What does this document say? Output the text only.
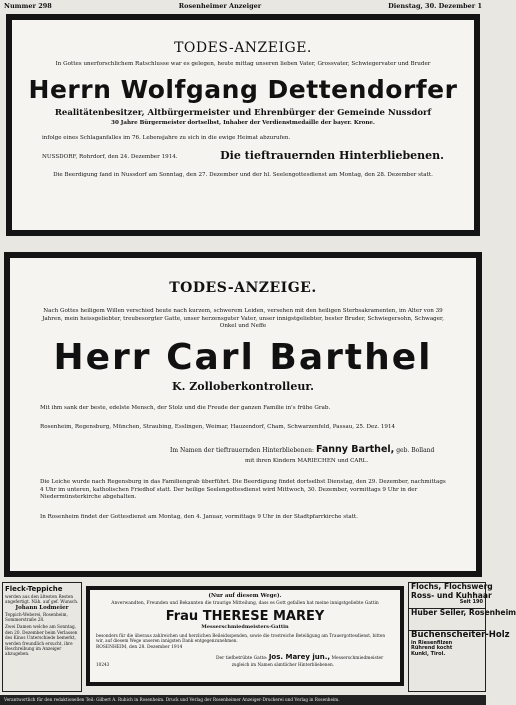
Nummer 298	Rosenheimer Anzeiger	Dienstag, 30. Dezember 1
TODES-ANZEIGE.
In Gottes unerforschlichem Ratschlusse war es gelegen, heute mittag unseren lieben Vater, Grossvater, Schwiegervater und Bruder
Herrn Wolfgang Dettendorfer
Realitätenbesitzer, Altbürgermeister und Ehrenbürger der Gemeinde Nussdorf
30 Jahre Bürgermeister dortselbst, Inhaber der Verdienstmedaille der bayer. Krone.
infolge eines Schlaganfalles im 76. Lebensjahre zu sich in die ewige Heimat abzurufen.
NUSSDORF, Rohrdorf, den 24. Dezember 1914.	Die tieftrauernden Hinterbliebenen.
Die Beerdigung fand in Nussdorf am Sonntag, den 27. Dezember und der hl. Seelengottesdienst am Montag, den 28. Dezember statt.
TODES-ANZEIGE.
Nach Gottes heiligem Willen verschied heute nach kurzem, schwerem Leiden, versehen mit den heiligen Sterbsakramenten, im Alter von 39 Jahren, mein heissgeliebter, treubesorgter Gatte, unser herzensguter Vater, unser innigstgeliebter, bester Bruder, Schwiegersohn, Schwager, Onkel und Neffe
Herr Carl Barthel
K. Zolloberkontrolleur.
Mit ihm sank der beste, edelste Mensch, der Stolz und die Freude der ganzen Familie in's frühe Grab.
Rosenheim, Regensburg, München, Straubing, Esslingen, Weimar, Hauzendorf, Cham, Schwarzenfeld, Passau, 25. Dez. 1914
Im Namen der tieftrauernden Hinterbliebenen: Fanny Barthel, geb. Bolland
mit ihren Kindern MARIECHEN und CARL.
Die Leiche wurde nach Regensburg in das Familiengrab überführt. Die Beerdigung findet dortselbst Dienstag, den 29. Dezember, nachmittags 4 Uhr im unteren, katholischen Friedhof statt. Der heilige Seelengottesdienst wird Mittwoch, 30. Dezember, vormittags 9 Uhr in der Niedermünsterkirche abgehalten.
In Rosenheim findet der Gottesdienst am Montag, den 4. Januar, vormittags 9 Uhr in der Stadtpfarrkirche statt.
Fleck-Teppiche
werden aus den ältesten Resten angefertigt. Näh. auf gef. Wunsch.
Johann Lodmeier
Teppich-Weberei, Rosenheim, Sommerstraße 28.
Zwei Damen welche am Sonntag, den 20. Dezember beim Verlassen des Kinos Unterschiede bemerkt, werden freundlich ersucht, ihre Beschreibung im Anzeiger abzugeben.
(Nur auf diesem Wege).
Anverwandten, Freunden und Bekannten die traurige Mitteilung, dass es Gott gefallen hat meine innigstgeliebte Gattin
Frau THERESE MAREY
Messerschmiedmeisters-Gattin
besonders für die überaus zahlreichen und herzlichen Beileidsspenden, sowie die trostreiche Beteiligung am Trauergottesdienst, bitten wir, auf diesem Wege unseren innigsten Dank entgegenzunehmen.
ROSENHEIM, den 28. Dezember 1914
Der tiefbetrübte Gatte: Jos. Marey jun., Messerschmiedmeister
10243	zugleich im Namen sämtlicher Hinterbliebenen.
Flochs, Flochswerg
Ross- und Kuhhaar
Seit 190
Huber Seiler, Rosenheim
Buchenscheiter-Holz
in Riesenfilzen
Rührend kocht
Kunkl, Tirol.
Verantwortlich für den redaktionellen Teil: Gilbert A. Rubich in Rosenheim. Druck und Verlag der Rosenheimer Anzeiger-Druckerei und Verlag in Rosenheim.
